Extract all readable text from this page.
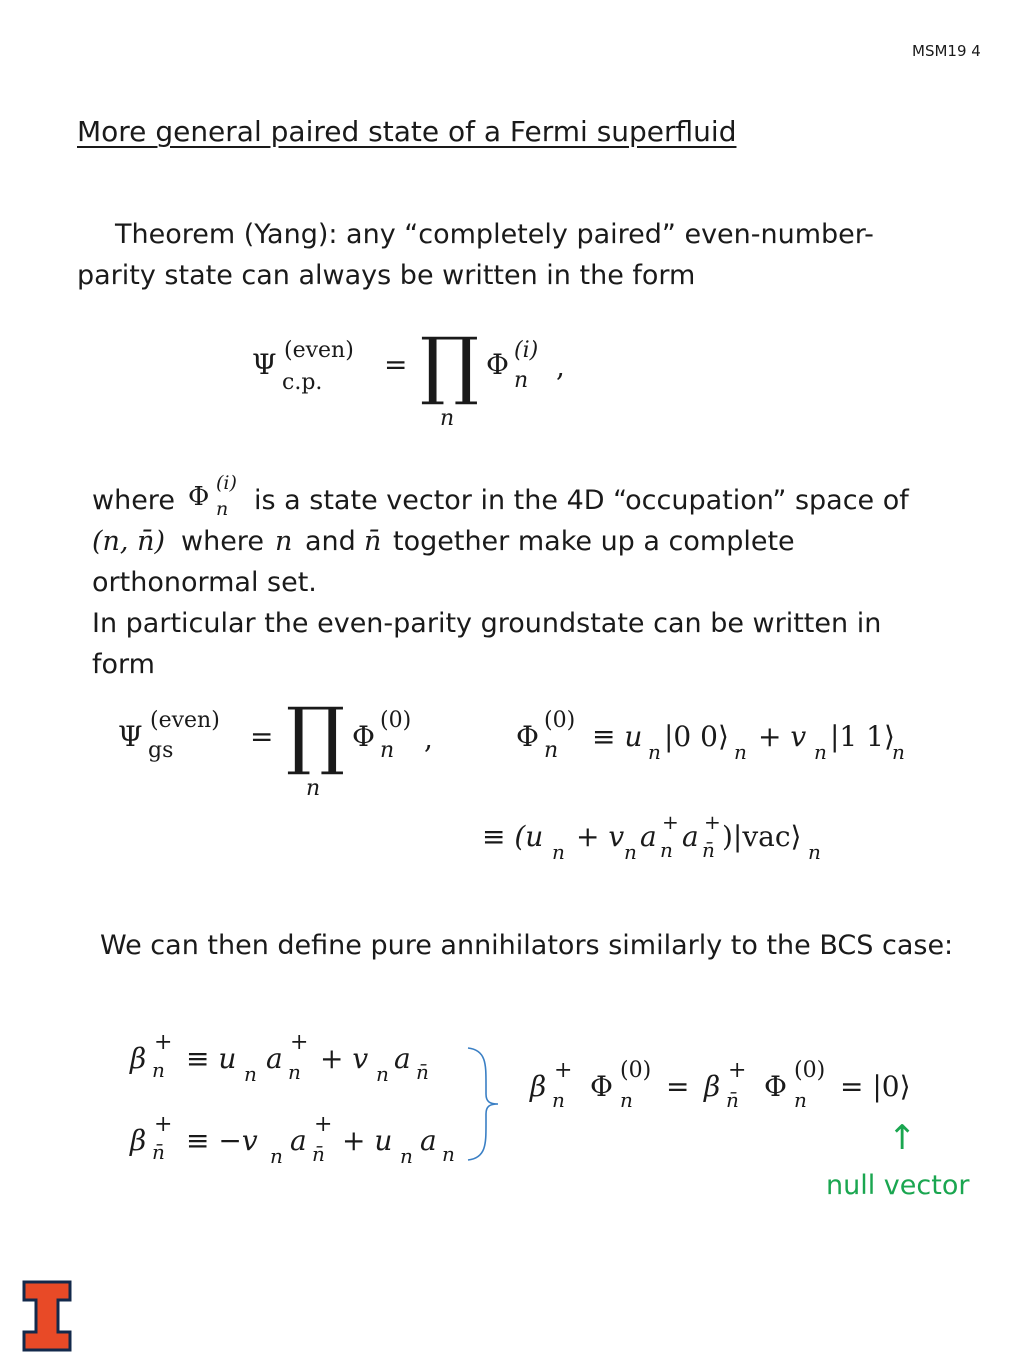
MSM19 4
More general paired state of a Fermi superfluid
Theorem (Yang): any “completely paired” even-number-
parity state can always be written in the form
Ψ (even)
c.p.
= ∏
n
Φ (i)
n ,
where Φ (i)
n is a state vector in the 4D “occupation” space of
(n, n̄) where n and n̄ together make up a complete
orthonormal set.
In particular the even-parity groundstate can be written in
form
Ψ (even)
gs	= ∏
n
Φ (0)
n ,	Φ (0)
n ≡ u n |0 0⟩ n + v n |1 1⟩
n
≡ (u n + v n a +
n a +
n̄ )|vac⟩ n
We can then define pure annihilators similarly to the BCS case:
β +
n ≡ u n a +
n + v n a n̄
β +
n̄ ≡ −v n a +
n̄ + u n a n
β +
n Φ (0)
n = β +
n̄ Φ (0)
n = |0⟩
↑
null vector
